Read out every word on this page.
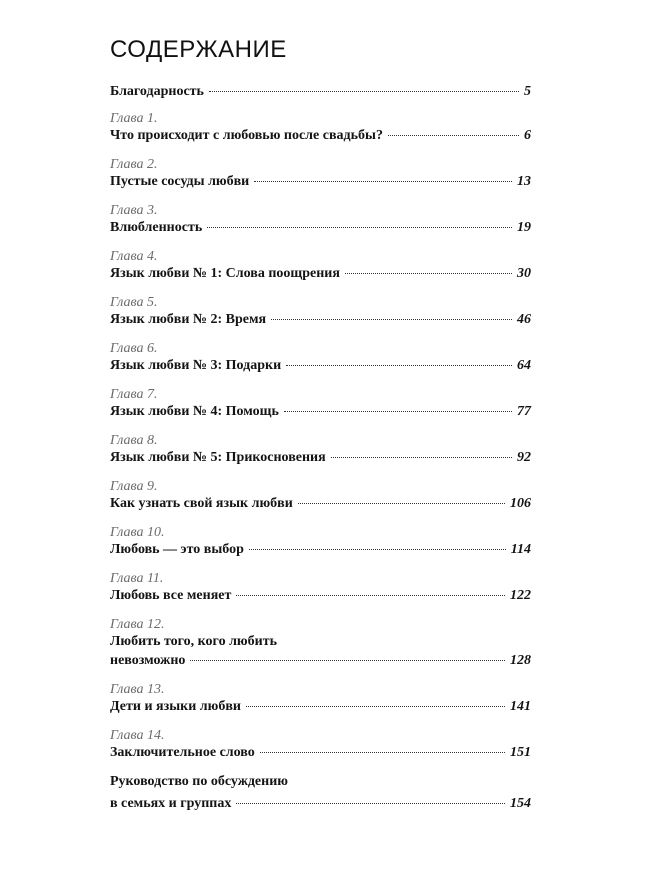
СОДЕРЖАНИЕ
Благодарность	5
Глава 1.
Что происходит с любовью после свадьбы?	6
Глава 2.
Пустые сосуды любви	13
Глава 3.
Влюбленность	19
Глава 4.
Язык любви № 1: Слова поощрения	30
Глава 5.
Язык любви № 2: Время	46
Глава 6.
Язык любви № 3: Подарки	64
Глава 7.
Язык любви № 4: Помощь	77
Глава 8.
Язык любви № 5: Прикосновения	92
Глава 9.
Как узнать свой язык любви	106
Глава 10.
Любовь — это выбор	114
Глава 11.
Любовь все меняет	122
Глава 12.
Любить того, кого любить
невозможно	128
Глава 13.
Дети и языки любви	141
Глава 14.
Заключительное слово	151
Руководство по обсуждению
в семьях и группах	154
